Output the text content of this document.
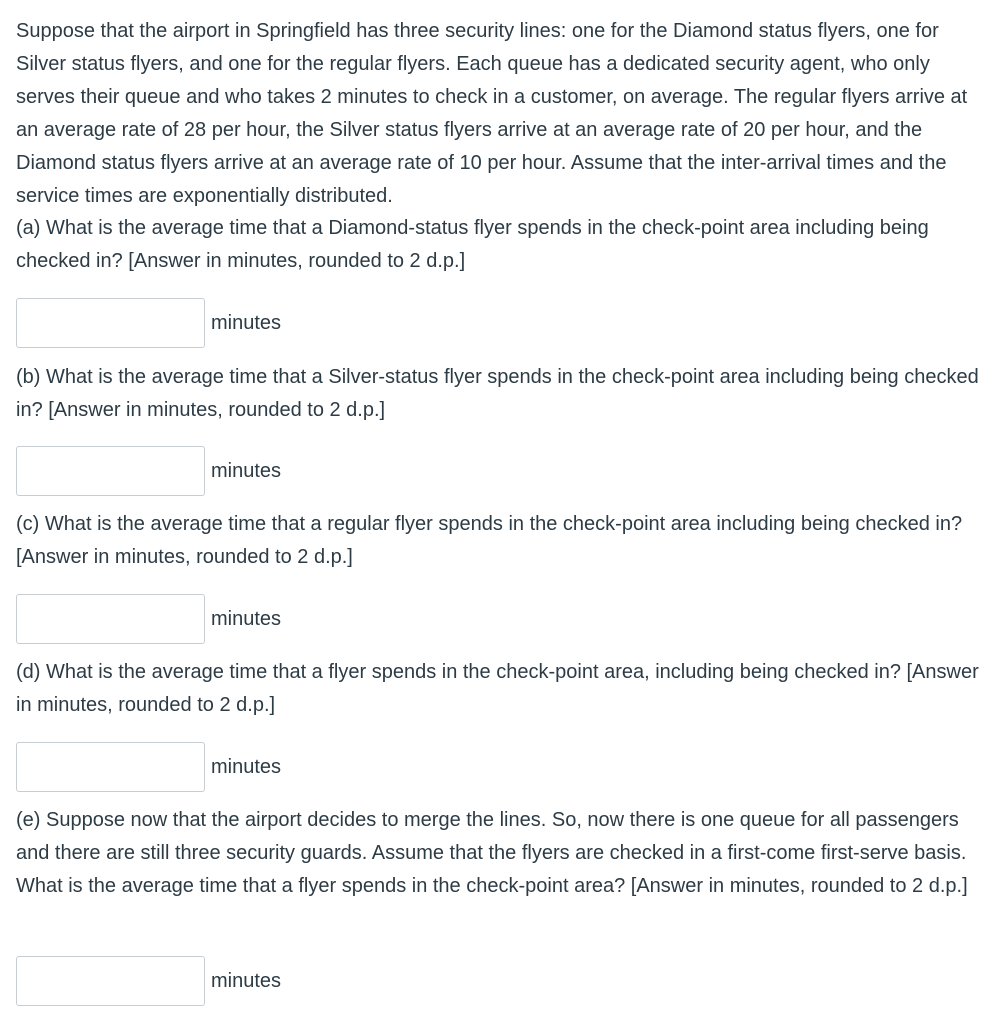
Suppose that the airport in Springfield has three security lines: one for the Diamond status flyers, one for Silver status flyers, and one for the regular flyers. Each queue has a dedicated security agent, who only serves their queue and who takes 2 minutes to check in a customer, on average. The regular flyers arrive at an average rate of 28 per hour, the Silver status flyers arrive at an average rate of 20 per hour, and the Diamond status flyers arrive at an average rate of 10 per hour. Assume that the inter-arrival times and the service times are exponentially distributed.

(a) What is the average time that a Diamond-status flyer spends in the check-point area including being checked in? [Answer in minutes, rounded to 2 d.p.]

minutes

(b) What is the average time that a Silver-status flyer spends in the check-point area including being checked in? [Answer in minutes, rounded to 2 d.p.]

minutes

(c) What is the average time that a regular flyer spends in the check-point area including being checked in? [Answer in minutes, rounded to 2 d.p.]

minutes

(d) What is the average time that a flyer spends in the check-point area, including being checked in? [Answer in minutes, rounded to 2 d.p.]

minutes

(e) Suppose now that the airport decides to merge the lines. So, now there is one queue for all passengers and there are still three security guards. Assume that the flyers are checked in a first-come first-serve basis. What is the average time that a flyer spends in the check-point area? [Answer in minutes, rounded to 2 d.p.]

minutes
